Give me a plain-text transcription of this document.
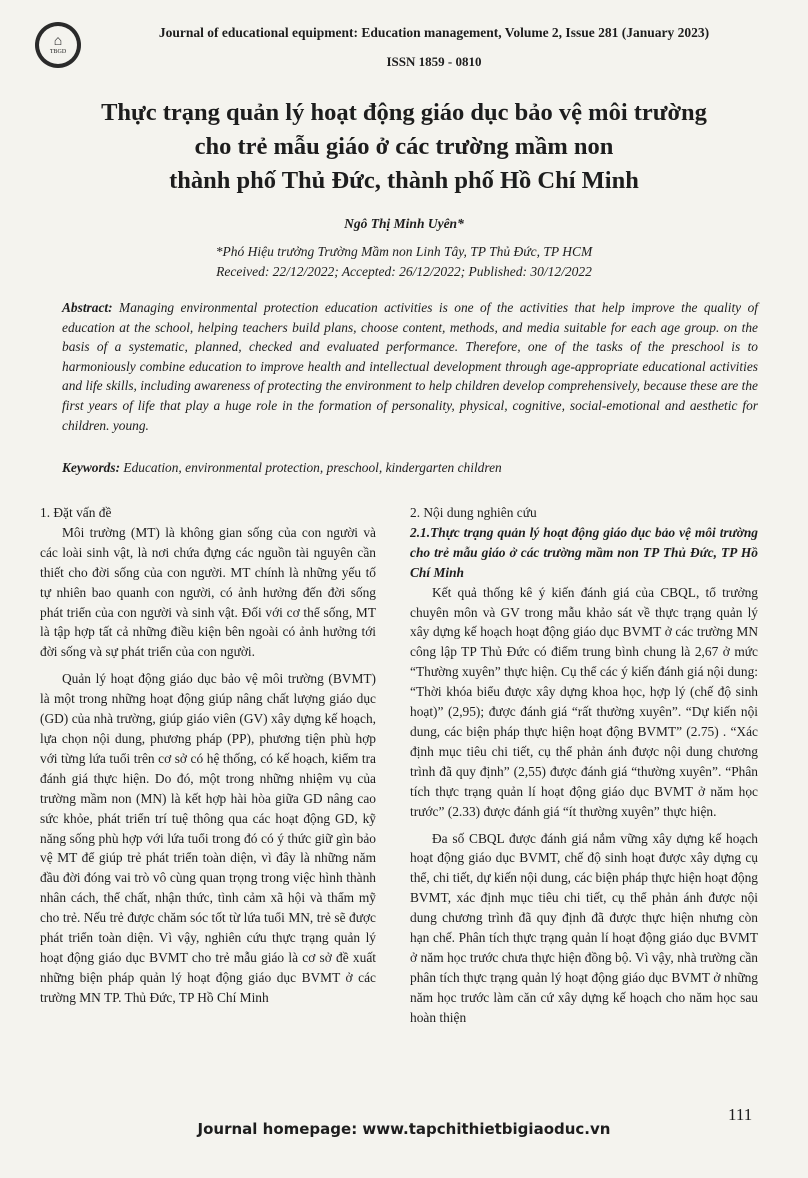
⌂
TBGD
Journal of educational equipment: Education management, Volume 2, Issue 281 (January 2023)
ISSN 1859 - 0810
Thực trạng quản lý hoạt động giáo dục bảo vệ môi trường
cho trẻ mẫu giáo ở các trường mầm non
thành phố Thủ Đức, thành phố Hồ Chí Minh
Ngô Thị Minh Uyên*
*Phó Hiệu trưởng Trường Mầm non Linh Tây, TP Thủ Đức, TP HCM
Received: 22/12/2022; Accepted: 26/12/2022; Published: 30/12/2022
Abstract: Managing environmental protection education activities is one of the activities that help improve the quality of education at the school, helping teachers build plans, choose content, methods, and media suitable for each age group. on the basis of a systematic, planned, checked and evaluated performance. Therefore, one of the tasks of the preschool is to harmoniously combine education to improve health and intellectual development through age-appropriate educational activities and life skills, including awareness of protecting the environment to help children develop comprehensively, because these are the first years of life that play a huge role in the formation of personality, physical, cognitive, social-emotional and aesthetic for children. young.
Keywords: Education, environmental protection, preschool, kindergarten children
1. Đặt vấn đề

Môi trường (MT) là không gian sống của con người và các loài sinh vật, là nơi chứa đựng các nguồn tài nguyên cần thiết cho đời sống của con người. MT chính là những yếu tố tự nhiên bao quanh con người, có ảnh hưởng đến đời sống phát triển của con người và sinh vật. Đối với cơ thể sống, MT là tập hợp tất cả những điều kiện bên ngoài có ảnh hưởng tới đời sống và sự phát triển của con người.

Quản lý hoạt động giáo dục bảo vệ môi trường (BVMT) là một trong những hoạt động giúp nâng chất lượng giáo dục (GD) của nhà trường, giúp giáo viên (GV) xây dựng kế hoạch, lựa chọn nội dung, phương pháp (PP), phương tiện phù hợp với từng lứa tuổi trên cơ sở có hệ thống, có kế hoạch, kiểm tra đánh giá thực hiện. Do đó, một trong những nhiệm vụ của trường mầm non (MN) là kết hợp hài hòa giữa GD nâng cao sức khỏe, phát triển trí tuệ thông qua các hoạt động GD, kỹ năng sống phù hợp với lứa tuổi trong đó có ý thức giữ gìn bảo vệ MT để giúp trẻ phát triển toàn diện, vì đây là những năm đầu đời đóng vai trò vô cùng quan trọng trong việc hình thành nhân cách, thể chất, nhận thức, tình cảm xã hội và thẩm mỹ cho trẻ. Nếu trẻ được chăm sóc tốt từ lứa tuổi MN, trẻ sẽ được phát triển toàn diện. Vì vậy, nghiên cứu thực trạng quản lý hoạt động giáo dục BVMT cho trẻ mẫu giáo là cơ sở đề xuất những biện pháp quản lý hoạt động giáo dục BVMT ở các trường MN TP. Thủ Đức, TP Hồ Chí Minh

2. Nội dung nghiên cứu
2.1.Thực trạng quản lý hoạt động giáo dục bảo vệ môi trường cho trẻ mẫu giáo ở các trường mầm non TP Thủ Đức, TP Hồ Chí Minh

Kết quả thống kê ý kiến đánh giá của CBQL, tổ trưởng chuyên môn và GV trong mẫu khảo sát về thực trạng quản lý xây dựng kế hoạch hoạt động giáo dục BVMT ở các trường MN công lập TP Thủ Đức có điểm trung bình chung là 2,67 ở mức “Thường xuyên” thực hiện. Cụ thể các ý kiến đánh giá nội dung: “Thời khóa biểu được xây dựng khoa học, hợp lý (chế độ sinh hoạt)” (2,95); được đánh giá “rất thường xuyên”. “Dự kiến nội dung, các biện pháp thực hiện hoạt động BVMT” (2.75) . “Xác định mục tiêu chi tiết, cụ thể phản ánh được nội dung chương trình đã quy định” (2,55) được đánh giá “thường xuyên”. “Phân tích thực trạng quản lí hoạt động giáo dục BVMT ở năm học trước” (2.33) được đánh giá “ít thường xuyên” thực hiện.

Đa số CBQL được đánh giá nắm vững xây dựng kế hoạch hoạt động giáo dục BVMT, chế độ sinh hoạt được xây dựng cụ thể, chi tiết, dự kiến nội dung, các biện pháp thực hiện hoạt động BVMT, xác định mục tiêu chi tiết, cụ thể phản ánh được nội dung chương trình đã quy định đã được thực hiện nhưng còn hạn chế. Phân tích thực trạng quản lí hoạt động giáo dục BVMT ở năm học trước chưa thực hiện đồng bộ. Vì vậy, nhà trường cần phân tích thực trạng quản lý hoạt động giáo dục BVMT ở những năm học trước làm căn cứ xây dựng kế hoạch cho năm học sau hoàn thiện

111
Journal homepage: www.tapchithietbigiaoduc.vn
